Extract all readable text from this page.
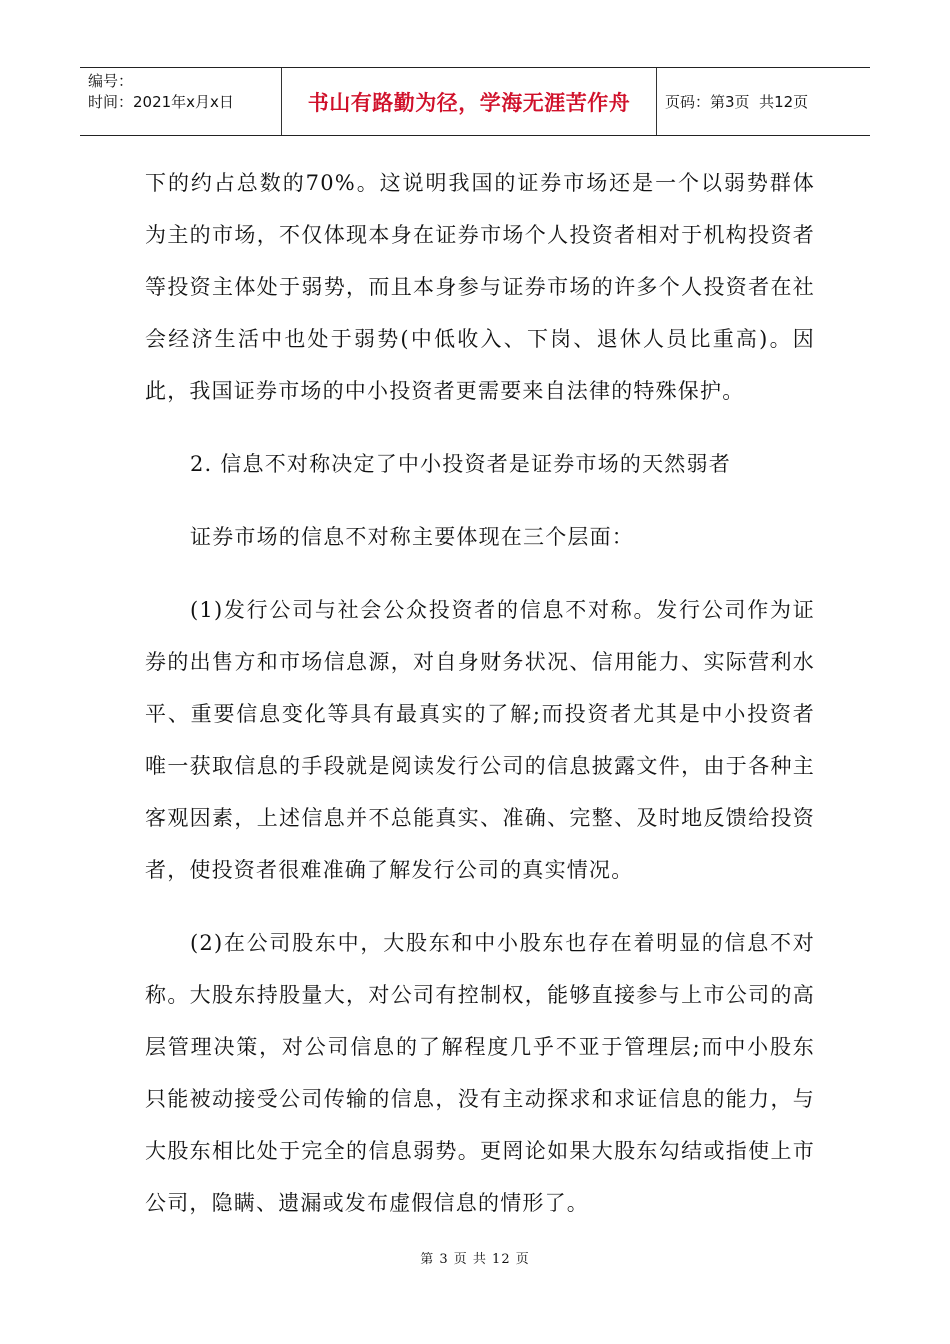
编号：
时间：2021年x月x日	书山有路勤为径，学海无涯苦作舟	页码：第3页  共12页

下的约占总数的70%。这说明我国的证券市场还是一个以弱势群体为主的市场，不仅体现本身在证券市场个人投资者相对于机构投资者等投资主体处于弱势，而且本身参与证券市场的许多个人投资者在社会经济生活中也处于弱势(中低收入、下岗、退休人员比重高)。因此，我国证券市场的中小投资者更需要来自法律的特殊保护。

2. 信息不对称决定了中小投资者是证券市场的天然弱者

证券市场的信息不对称主要体现在三个层面：

(1)发行公司与社会公众投资者的信息不对称。发行公司作为证券的出售方和市场信息源，对自身财务状况、信用能力、实际营利水平、重要信息变化等具有最真实的了解;而投资者尤其是中小投资者唯一获取信息的手段就是阅读发行公司的信息披露文件，由于各种主客观因素，上述信息并不总能真实、准确、完整、及时地反馈给投资者，使投资者很难准确了解发行公司的真实情况。

(2)在公司股东中，大股东和中小股东也存在着明显的信息不对称。大股东持股量大，对公司有控制权，能够直接参与上市公司的高层管理决策，对公司信息的了解程度几乎不亚于管理层;而中小股东只能被动接受公司传输的信息，没有主动探求和求证信息的能力，与大股东相比处于完全的信息弱势。更罔论如果大股东勾结或指使上市公司，隐瞒、遗漏或发布虚假信息的情形了。

第 3 页 共 12 页
